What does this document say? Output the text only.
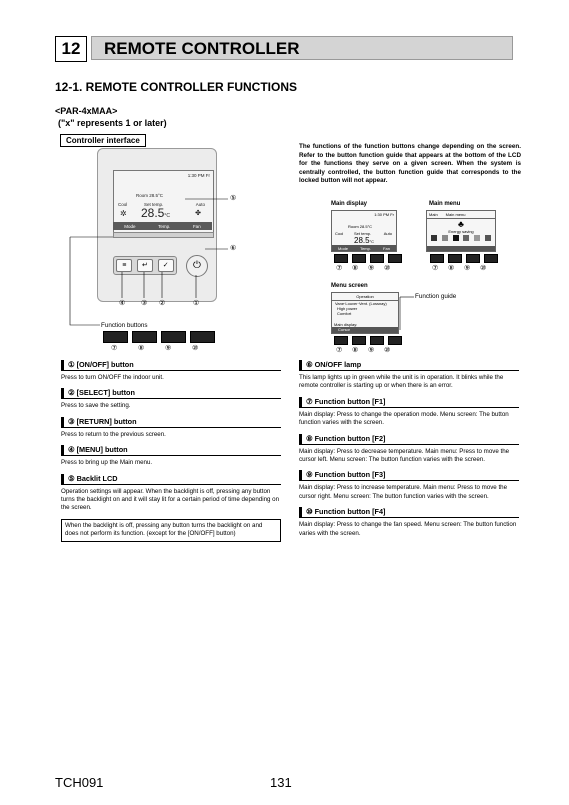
12	REMOTE CONTROLLER
12-1. REMOTE CONTROLLER FUNCTIONS
<PAR-4xMAA>
("x" represents 1 or later)
Controller interface
The functions of the function buttons change depending on the screen. Refer to the button function guide that appears at the bottom of the LCD for the functions they serve on a given screen. When the system is centrally controlled, the button function guide that corresponds to the locked button will not appear.
1:30 PM Fr
Room 28.5°C
Cool	Set temp.	Auto
✲ 28.5°C	✤
Mode	Temp.	Fan
≡	↵	✓	⏻
⑤
⑥
④ ③ ②	①
Function buttons
⑦	⑧	⑨	⑩
Main display
1:30 PM Fr
Room 28.5°C
Cool	Set temp.	Auto
28.5°C
Mode	Temp.	Fan
⑦ ⑧ ⑨ ⑩
Main menu
Main Main menu
♣
Energy saving
⑦ ⑧ ⑨ ⑩
Menu screen
Operation
Vane·Louver·Vent. (Lossnay)
High power
Comfort
Main display:
Cursor
Function guide
⑦ ⑧ ⑨ ⑩
① [ON/OFF] button
Press to turn ON/OFF the indoor unit.
② [SELECT] button
Press to save the setting.
③ [RETURN] button
Press to return to the previous screen.
④ [MENU] button
Press to bring up the Main menu.
⑤ Backlit LCD
Operation settings will appear. When the backlight is off, pressing any button turns the backlight on and it will stay lit for a certain period of time depending on the screen.
When the backlight is off, pressing any button turns the backlight on and does not perform its function. (except for the [ON/OFF] button)
⑥ ON/OFF lamp
This lamp lights up in green while the unit is in operation. It blinks while the remote controller is starting up or when there is an error.
⑦ Function button [F1]
Main display: Press to change the operation mode. Menu screen: The button function varies with the screen.
⑧ Function button [F2]
Main display: Press to decrease temperature. Main menu: Press to move the cursor left. Menu screen: The button function varies with the screen.
⑨ Function button [F3]
Main display: Press to increase temperature. Main menu: Press to move the cursor right. Menu screen: The button function varies with the screen.
⑩ Function button [F4]
Main display: Press to change the fan speed. Menu screen: The button function varies with the screen.
TCH091	131
